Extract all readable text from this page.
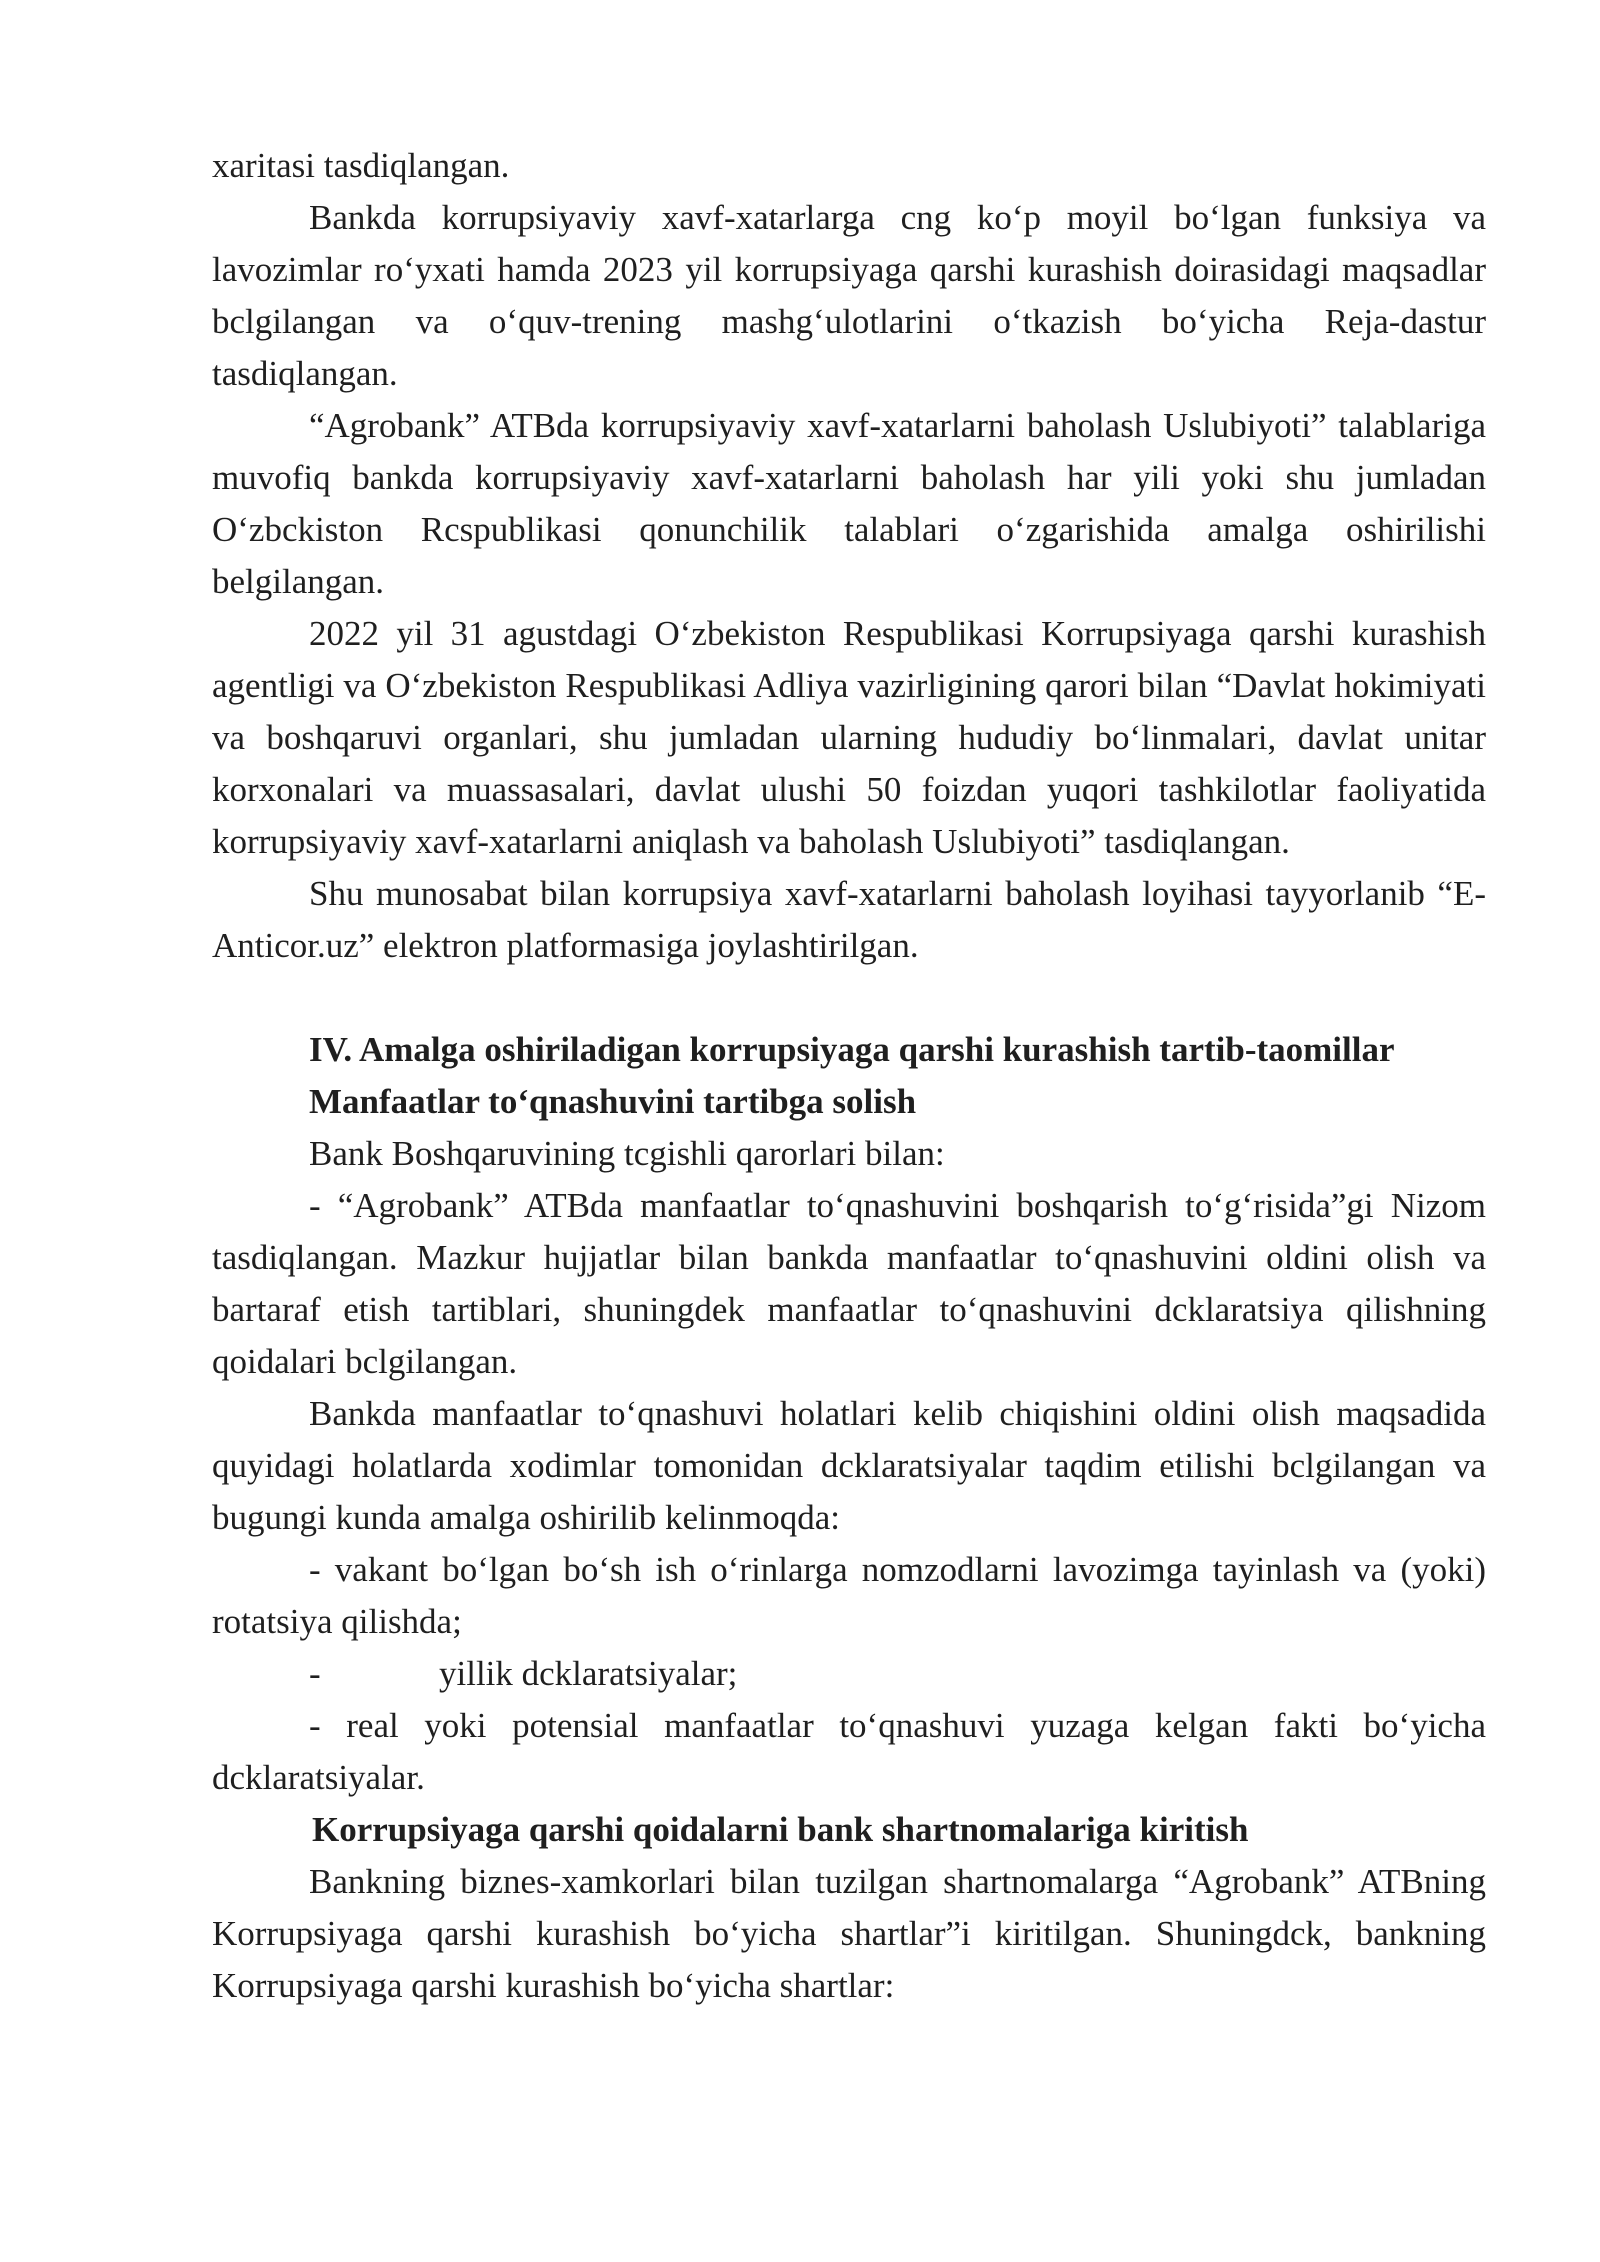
xaritasi tasdiqlangan.

Bankda korrupsiyaviy xavf-xatarlarga cng ko‘p moyil bo‘lgan funksiya va lavozimlar ro‘yxati hamda 2023 yil korrupsiyaga qarshi kurashish doirasidagi maqsadlar bclgilangan va o‘quv-trening mashg‘ulotlarini o‘tkazish bo‘yicha Reja-dastur tasdiqlangan.

“Agrobank” ATBda korrupsiyaviy xavf-xatarlarni baholash Uslubiyoti” talablariga muvofiq bankda korrupsiyaviy xavf-xatarlarni baholash har yili yoki shu jumladan O‘zbckiston Rcspublikasi qonunchilik talablari o‘zgarishida amalga oshirilishi belgilangan.

2022 yil 31 agustdagi O‘zbekiston Respublikasi Korrupsiyaga qarshi kurashish agentligi va O‘zbekiston Respublikasi Adliya vazirligining qarori bilan “Davlat hokimiyati va boshqaruvi organlari, shu jumladan ularning hududiy bo‘linmalari, davlat unitar korxonalari va muassasalari, davlat ulushi 50 foizdan yuqori tashkilotlar faoliyatida korrupsiyaviy xavf-xatarlarni aniqlash va baholash Uslubiyoti” tasdiqlangan.

Shu munosabat bilan korrupsiya xavf-xatarlarni baholash loyihasi tayyorlanib “E-Anticor.uz” elektron platformasiga joylashtirilgan.

IV. Amalga oshiriladigan korrupsiyaga qarshi kurashish tartib-taomillar

Manfaatlar to‘qnashuvini tartibga solish

Bank Boshqaruvining tcgishli qarorlari bilan:

- “Agrobank” ATBda manfaatlar to‘qnashuvini boshqarish to‘g‘risida”gi Nizom tasdiqlangan. Mazkur hujjatlar bilan bankda manfaatlar to‘qnashuvini oldini olish va bartaraf etish tartiblari, shuningdek manfaatlar to‘qnashuvini dcklaratsiya qilishning qoidalari bclgilangan.

Bankda manfaatlar to‘qnashuvi holatlari kelib chiqishini oldini olish maqsadida quyidagi holatlarda xodimlar tomonidan dcklaratsiyalar taqdim etilishi bclgilangan va bugungi kunda amalga oshirilib kelinmoqda:

- vakant bo‘lgan bo‘sh ish o‘rinlarga nomzodlarni lavozimga tayinlash va (yoki) rotatsiya qilishda;

-	yillik dcklaratsiyalar;

- real yoki potensial manfaatlar to‘qnashuvi yuzaga kelgan fakti bo‘yicha dcklaratsiyalar.

Korrupsiyaga qarshi qoidalarni bank shartnomalariga kiritish

Bankning biznes-xamkorlari bilan tuzilgan shartnomalarga “Agrobank” ATBning Korrupsiyaga qarshi kurashish bo‘yicha shartlar”i kiritilgan. Shuningdck, bankning Korrupsiyaga qarshi kurashish bo‘yicha shartlar:
